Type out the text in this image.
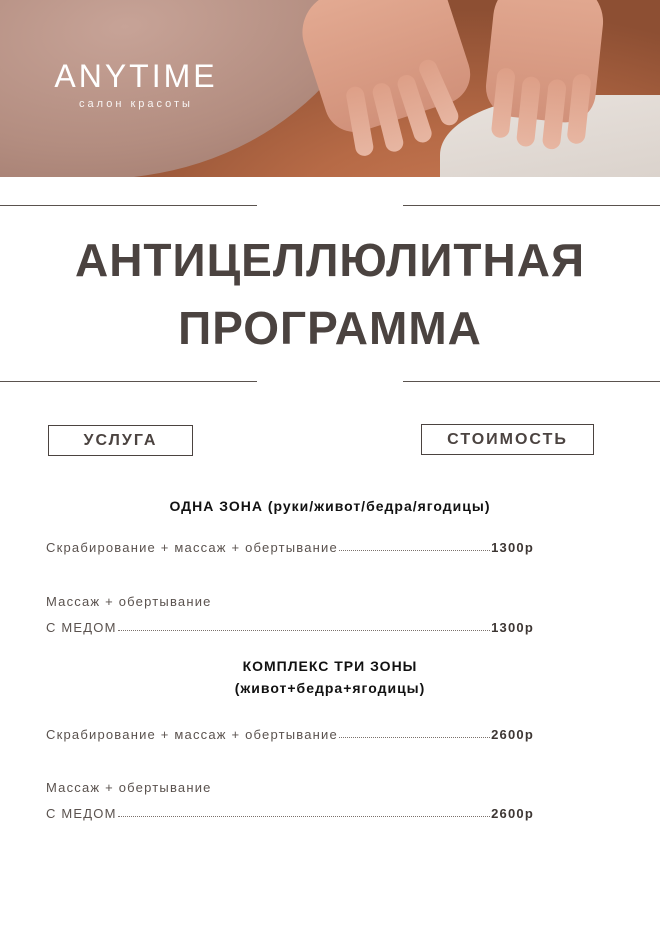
ANYTIME
салон красоты
АНТИЦЕЛЛЮЛИТНАЯ
ПРОГРАММА
УСЛУГА	СТОИМОСТЬ
ОДНА ЗОНА (руки/живот/бедра/ягодицы)
Скрабирование + массаж + обертывание	1300р
Массаж + обертывание
С МЕДОМ	1300р
КОМПЛЕКС ТРИ ЗОНЫ
(живот+бедра+ягодицы)
Скрабирование + массаж + обертывание	2600р
Массаж + обертывание
С МЕДОМ	2600р
